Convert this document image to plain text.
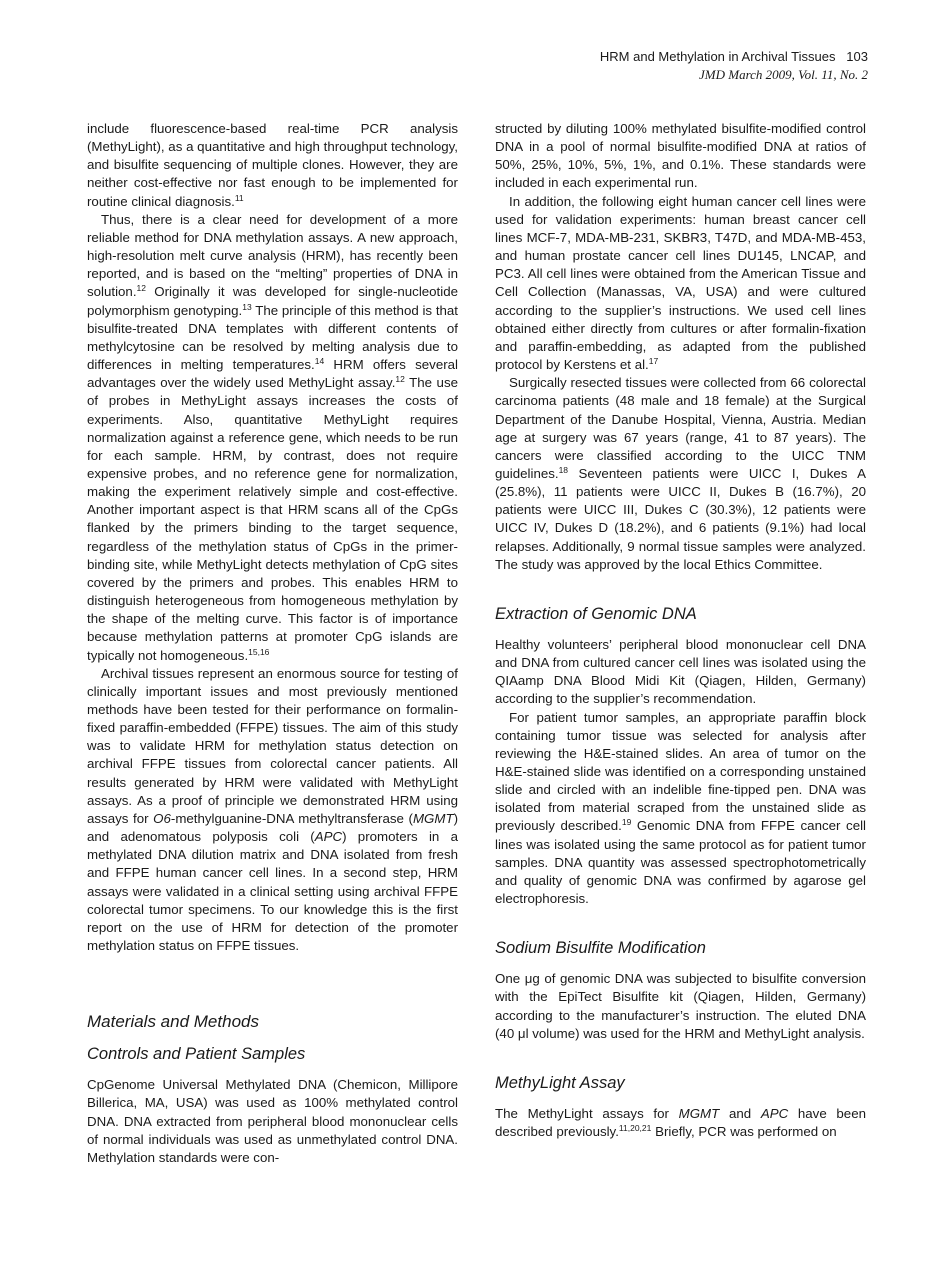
HRM and Methylation in Archival Tissues 103
JMD March 2009, Vol. 11, No. 2

include fluorescence-based real-time PCR analysis (MethyLight), as a quantitative and high throughput technology, and bisulfite sequencing of multiple clones. However, they are neither cost-effective nor fast enough to be implemented for routine clinical diagnosis.$^{11}$

Thus, there is a clear need for development of a more reliable method for DNA methylation assays. A new approach, high-resolution melt curve analysis (HRM), has recently been reported, and is based on the “melting” properties of DNA in solution.$^{12}$ Originally it was developed for single-nucleotide polymorphism genotyping.$^{13}$ The principle of this method is that bisulfite-treated DNA templates with different contents of methylcytosine can be resolved by melting analysis due to differences in melting temperatures.$^{14}$ HRM offers several advantages over the widely used MethyLight assay.$^{12}$ The use of probes in MethyLight assays increases the costs of experiments. Also, quantitative MethyLight requires normalization against a reference gene, which needs to be run for each sample. HRM, by contrast, does not require expensive probes, and no reference gene for normalization, making the experiment relatively simple and cost-effective. Another important aspect is that HRM scans all of the CpGs flanked by the primers binding to the target sequence, regardless of the methylation status of CpGs in the primer-binding site, while MethyLight detects methylation of CpG sites covered by the primers and probes. This enables HRM to distinguish heterogeneous from homogeneous methylation by the shape of the melting curve. This factor is of importance because methylation patterns at promoter CpG islands are typically not homogeneous.$^{15,16}$

Archival tissues represent an enormous source for testing of clinically important issues and most previously mentioned methods have been tested for their performance on formalin-fixed paraffin-embedded (FFPE) tissues. The aim of this study was to validate HRM for methylation status detection on archival FFPE tissues from colorectal cancer patients. All results generated by HRM were validated with MethyLight assays. As a proof of principle we demonstrated HRM using assays for O6-methylguanine-DNA methyltransferase (MGMT) and adenomatous polyposis coli (APC) promoters in a methylated DNA dilution matrix and DNA isolated from fresh and FFPE human cancer cell lines. In a second step, HRM assays were validated in a clinical setting using archival FFPE colorectal tumor specimens. To our knowledge this is the first report on the use of HRM for detection of the promoter methylation status on FFPE tissues.

Materials and Methods
Controls and Patient Samples

CpGenome Universal Methylated DNA (Chemicon, Millipore Billerica, MA, USA) was used as 100% methylated control DNA. DNA extracted from peripheral blood mononuclear cells of normal individuals was used as unmethylated control DNA. Methylation standards were con-

structed by diluting 100% methylated bisulfite-modified control DNA in a pool of normal bisulfite-modified DNA at ratios of 50%, 25%, 10%, 5%, 1%, and 0.1%. These standards were included in each experimental run.

In addition, the following eight human cancer cell lines were used for validation experiments: human breast cancer cell lines MCF-7, MDA-MB-231, SKBR3, T47D, and MDA-MB-453, and human prostate cancer cell lines DU145, LNCAP, and PC3. All cell lines were obtained from the American Tissue and Cell Collection (Manassas, VA, USA) and were cultured according to the supplier’s instructions. We used cell lines obtained either directly from cultures or after formalin-fixation and paraffin-embedding, as adapted from the published protocol by Kerstens et al.$^{17}$

Surgically resected tissues were collected from 66 colorectal carcinoma patients (48 male and 18 female) at the Surgical Department of the Danube Hospital, Vienna, Austria. Median age at surgery was 67 years (range, 41 to 87 years). The cancers were classified according to the UICC TNM guidelines.$^{18}$ Seventeen patients were UICC I, Dukes A (25.8%), 11 patients were UICC II, Dukes B (16.7%), 20 patients were UICC III, Dukes C (30.3%), 12 patients were UICC IV, Dukes D (18.2%), and 6 patients (9.1%) had local relapses. Additionally, 9 normal tissue samples were analyzed. The study was approved by the local Ethics Committee.

Extraction of Genomic DNA

Healthy volunteers’ peripheral blood mononuclear cell DNA and DNA from cultured cancer cell lines was isolated using the QIAamp DNA Blood Midi Kit (Qiagen, Hilden, Germany) according to the supplier’s recommendation.

For patient tumor samples, an appropriate paraffin block containing tumor tissue was selected for analysis after reviewing the H&E-stained slides. An area of tumor on the H&E-stained slide was identified on a corresponding unstained slide and circled with an indelible fine-tipped pen. DNA was isolated from material scraped from the unstained slide as previously described.$^{19}$ Genomic DNA from FFPE cancer cell lines was isolated using the same protocol as for patient tumor samples. DNA quantity was assessed spectrophotometrically and quality of genomic DNA was confirmed by agarose gel electrophoresis.

Sodium Bisulfite Modification

One μg of genomic DNA was subjected to bisulfite conversion with the EpiTect Bisulfite kit (Qiagen, Hilden, Germany) according to the manufacturer’s instruction. The eluted DNA (40 μl volume) was used for the HRM and MethyLight analysis.

MethyLight Assay

The MethyLight assays for MGMT and APC have been described previously.$^{11,20,21}$ Briefly, PCR was performed on
